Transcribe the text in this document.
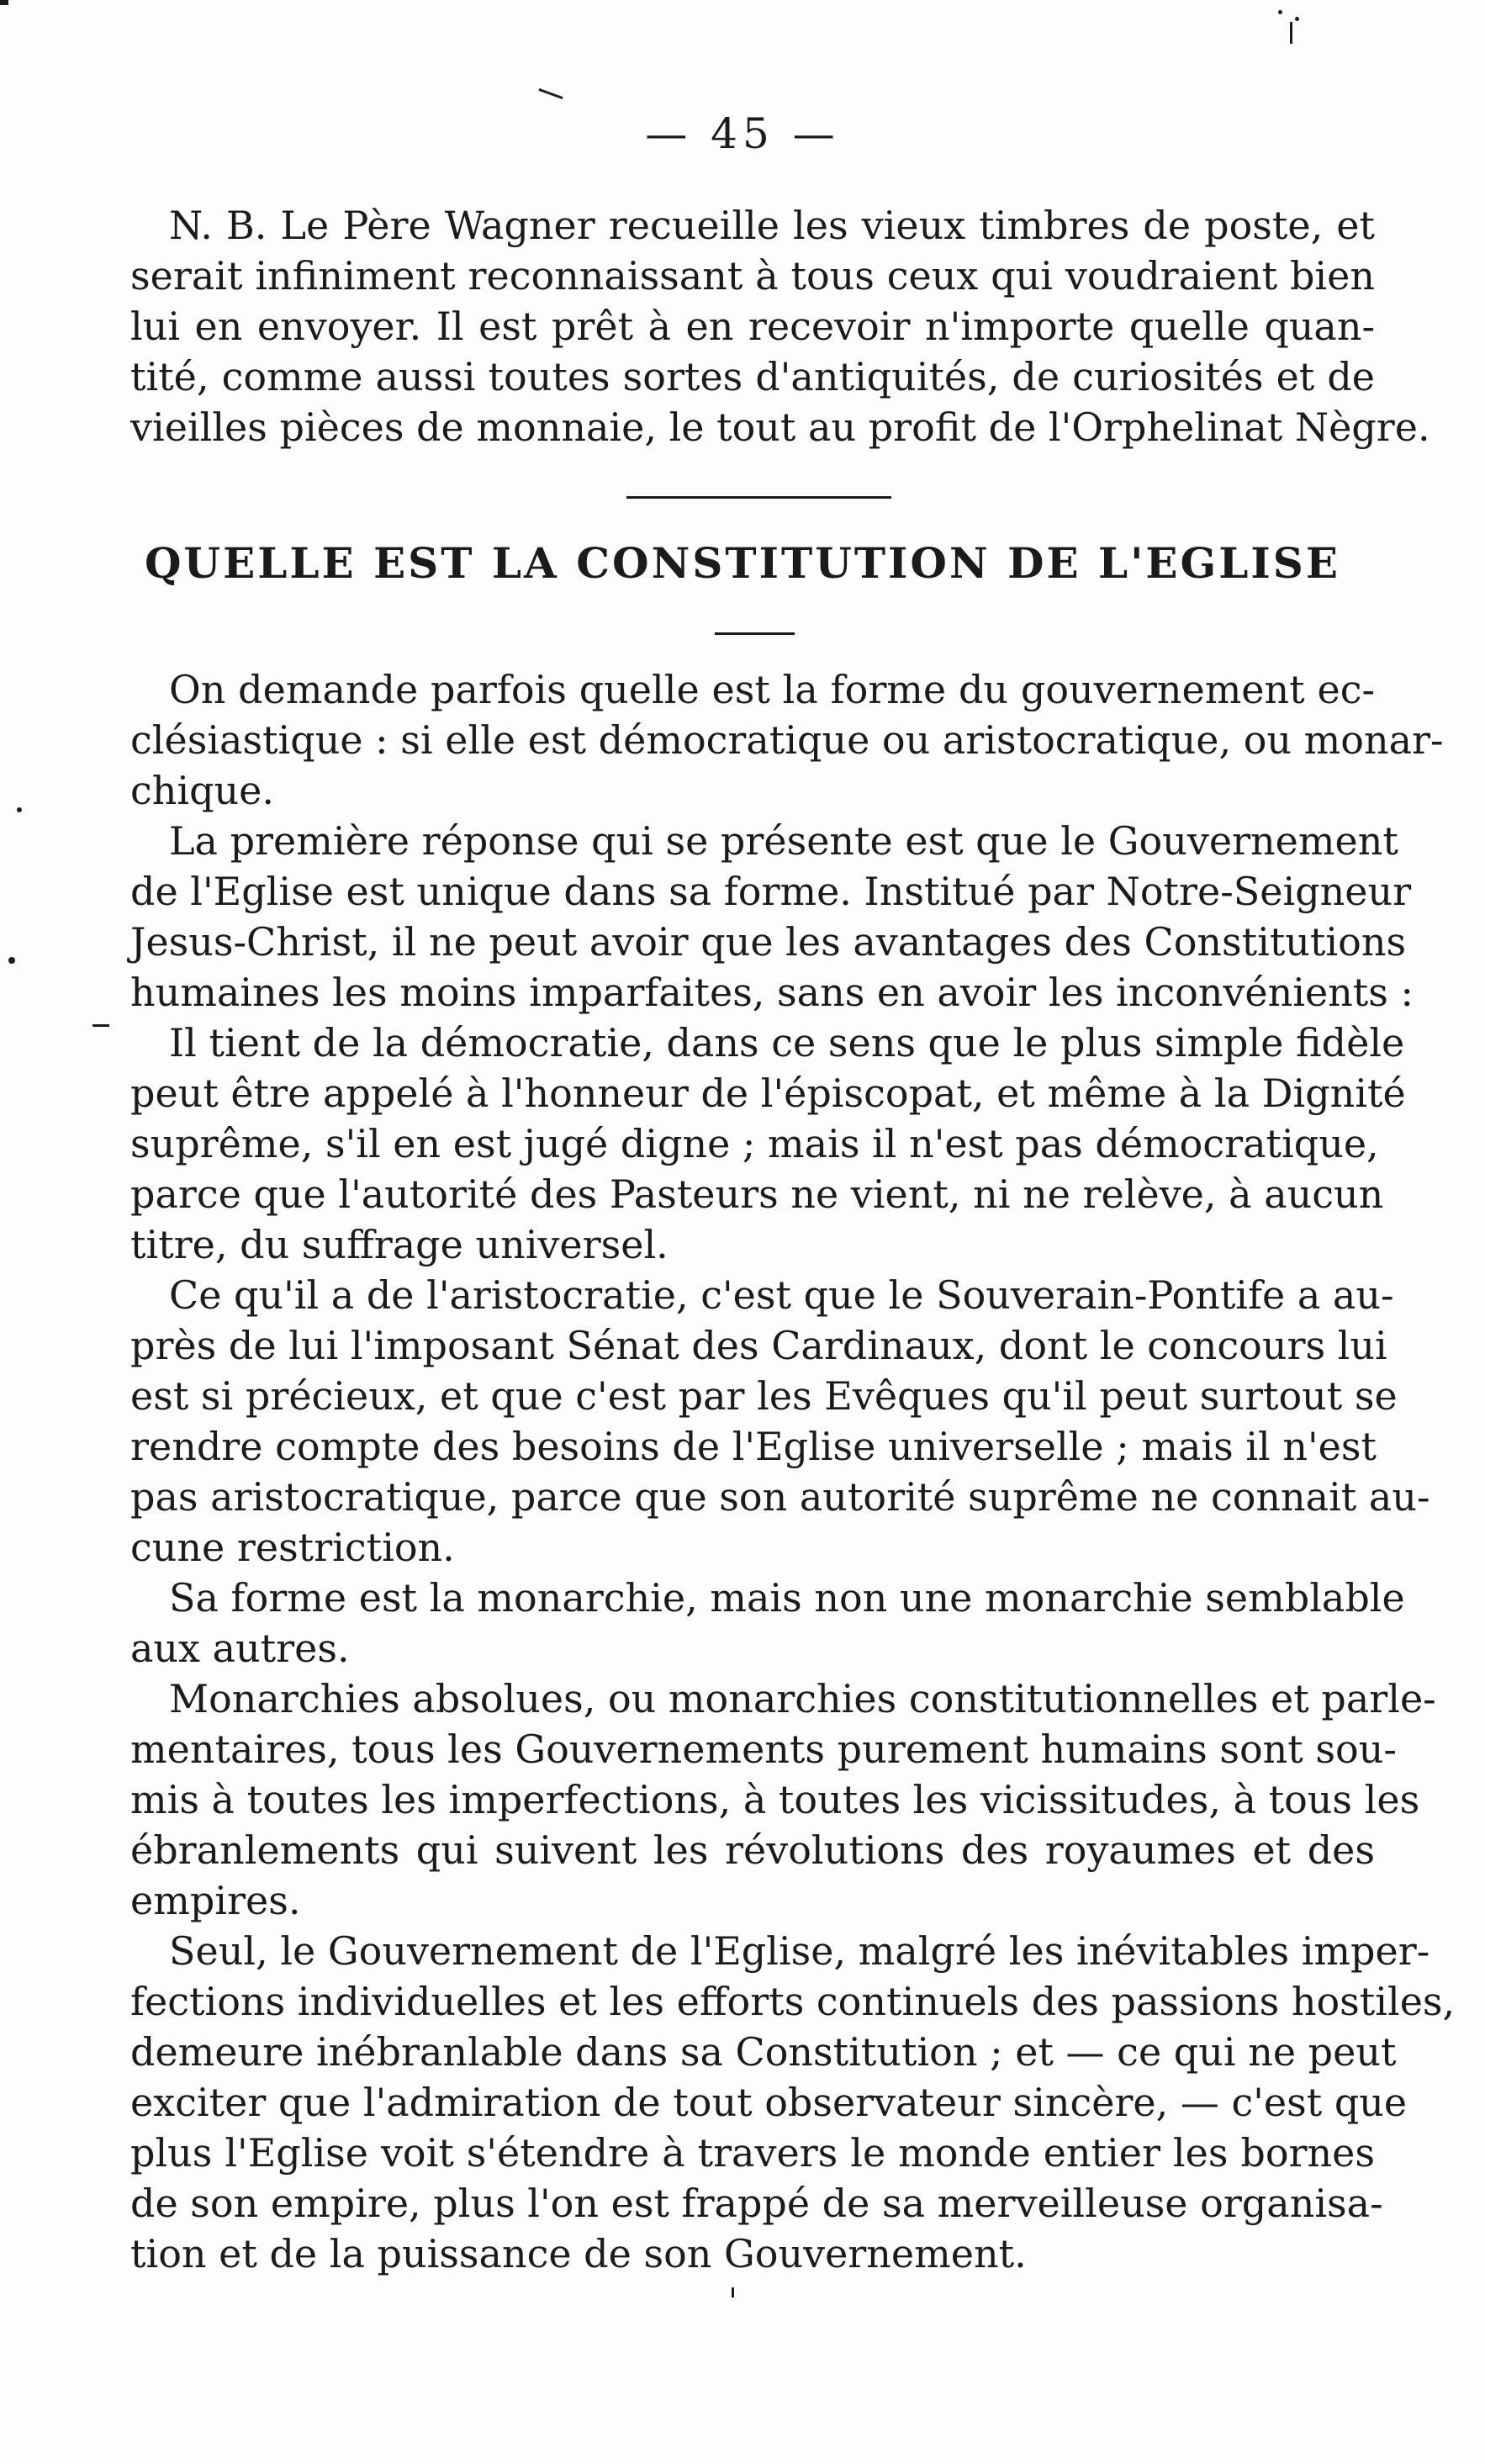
— 45 —
N. B. Le Père Wagner recueille les vieux timbres de poste, et
serait infiniment reconnaissant à tous ceux qui voudraient bien
lui en envoyer. Il est prêt à en recevoir n'importe quelle quan-
tité, comme aussi toutes sortes d'antiquités, de curiosités et de
vieilles pièces de monnaie, le tout au profit de l'Orphelinat Nègre.
QUELLE EST LA CONSTITUTION DE L'EGLISE
On demande parfois quelle est la forme du gouvernement ec-
clésiastique : si elle est démocratique ou aristocratique, ou monar-
chique.
La première réponse qui se présente est que le Gouvernement
de l'Eglise est unique dans sa forme. Institué par Notre-Seigneur
Jesus-Christ, il ne peut avoir que les avantages des Constitutions
humaines les moins imparfaites, sans en avoir les inconvénients :
Il tient de la démocratie, dans ce sens que le plus simple fidèle
peut être appelé à l'honneur de l'épiscopat, et même à la Dignité
suprême, s'il en est jugé digne ; mais il n'est pas démocratique,
parce que l'autorité des Pasteurs ne vient, ni ne relève, à aucun
titre, du suffrage universel.
Ce qu'il a de l'aristocratie, c'est que le Souverain-Pontife a au-
près de lui l'imposant Sénat des Cardinaux, dont le concours lui
est si précieux, et que c'est par les Evêques qu'il peut surtout se
rendre compte des besoins de l'Eglise universelle ; mais il n'est
pas aristocratique, parce que son autorité suprême ne connait au-
cune restriction.
Sa forme est la monarchie, mais non une monarchie semblable
aux autres.
Monarchies absolues, ou monarchies constitutionnelles et parle-
mentaires, tous les Gouvernements purement humains sont sou-
mis à toutes les imperfections, à toutes les vicissitudes, à tous les
ébranlements qui suivent les révolutions des royaumes et des
empires.
Seul, le Gouvernement de l'Eglise, malgré les inévitables imper-
fections individuelles et les efforts continuels des passions hostiles,
demeure inébranlable dans sa Constitution ; et — ce qui ne peut
exciter que l'admiration de tout observateur sincère, — c'est que
plus l'Eglise voit s'étendre à travers le monde entier les bornes
de son empire, plus l'on est frappé de sa merveilleuse organisa-
tion et de la puissance de son Gouvernement.
